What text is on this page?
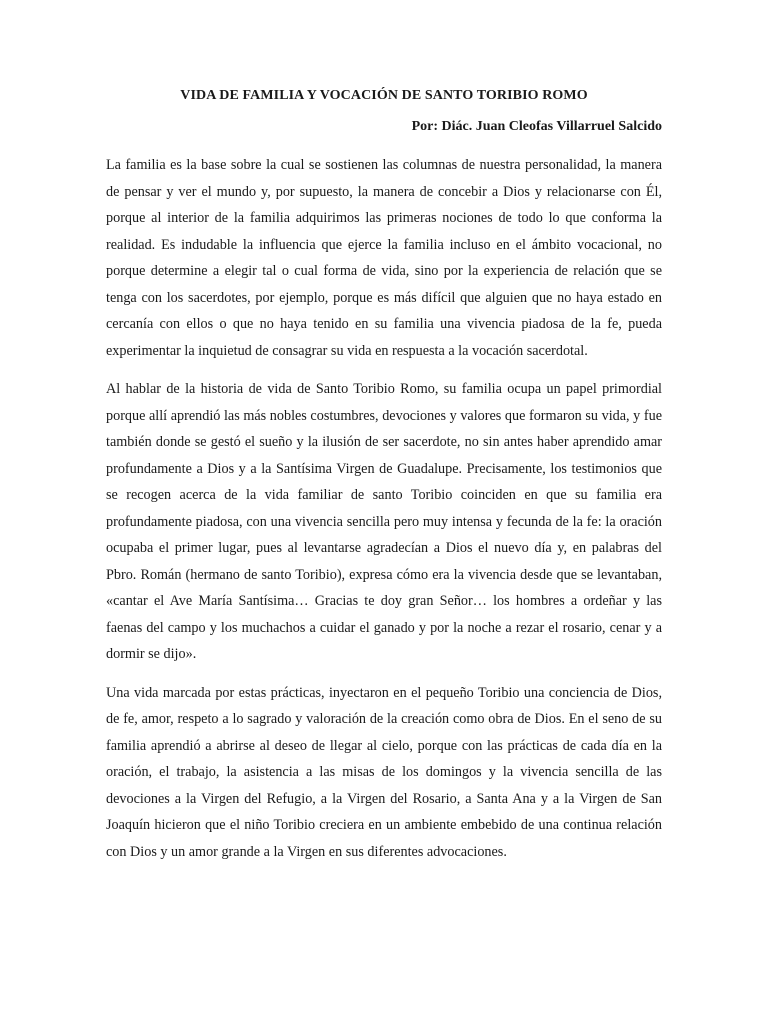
VIDA DE FAMILIA Y VOCACIÓN DE SANTO TORIBIO ROMO
Por: Diác. Juan Cleofas Villarruel Salcido

La familia es la base sobre la cual se sostienen las columnas de nuestra personalidad, la manera de pensar y ver el mundo y, por supuesto, la manera de concebir a Dios y relacionarse con Él, porque al interior de la familia adquirimos las primeras nociones de todo lo que conforma la realidad. Es indudable la influencia que ejerce la familia incluso en el ámbito vocacional, no porque determine a elegir tal o cual forma de vida, sino por la experiencia de relación que se tenga con los sacerdotes, por ejemplo, porque es más difícil que alguien que no haya estado en cercanía con ellos o que no haya tenido en su familia una vivencia piadosa de la fe, pueda experimentar la inquietud de consagrar su vida en respuesta a la vocación sacerdotal.

Al hablar de la historia de vida de Santo Toribio Romo, su familia ocupa un papel primordial porque allí aprendió las más nobles costumbres, devociones y valores que formaron su vida, y fue también donde se gestó el sueño y la ilusión de ser sacerdote, no sin antes haber aprendido amar profundamente a Dios y a la Santísima Virgen de Guadalupe. Precisamente, los testimonios que se recogen acerca de la vida familiar de santo Toribio coinciden en que su familia era profundamente piadosa, con una vivencia sencilla pero muy intensa y fecunda de la fe: la oración ocupaba el primer lugar, pues al levantarse agradecían a Dios el nuevo día y, en palabras del Pbro. Román (hermano de santo Toribio), expresa cómo era la vivencia desde que se levantaban, «cantar el Ave María Santísima… Gracias te doy gran Señor… los hombres a ordeñar y las faenas del campo y los muchachos a cuidar el ganado y por la noche a rezar el rosario, cenar y a dormir se dijo».

Una vida marcada por estas prácticas, inyectaron en el pequeño Toribio una conciencia de Dios, de fe, amor, respeto a lo sagrado y valoración de la creación como obra de Dios. En el seno de su familia aprendió a abrirse al deseo de llegar al cielo, porque con las prácticas de cada día en la oración, el trabajo, la asistencia a las misas de los domingos y la vivencia sencilla de las devociones a la Virgen del Refugio, a la Virgen del Rosario, a Santa Ana y a la Virgen de San Joaquín hicieron que el niño Toribio creciera en un ambiente embebido de una continua relación con Dios y un amor grande a la Virgen en sus diferentes advocaciones.
